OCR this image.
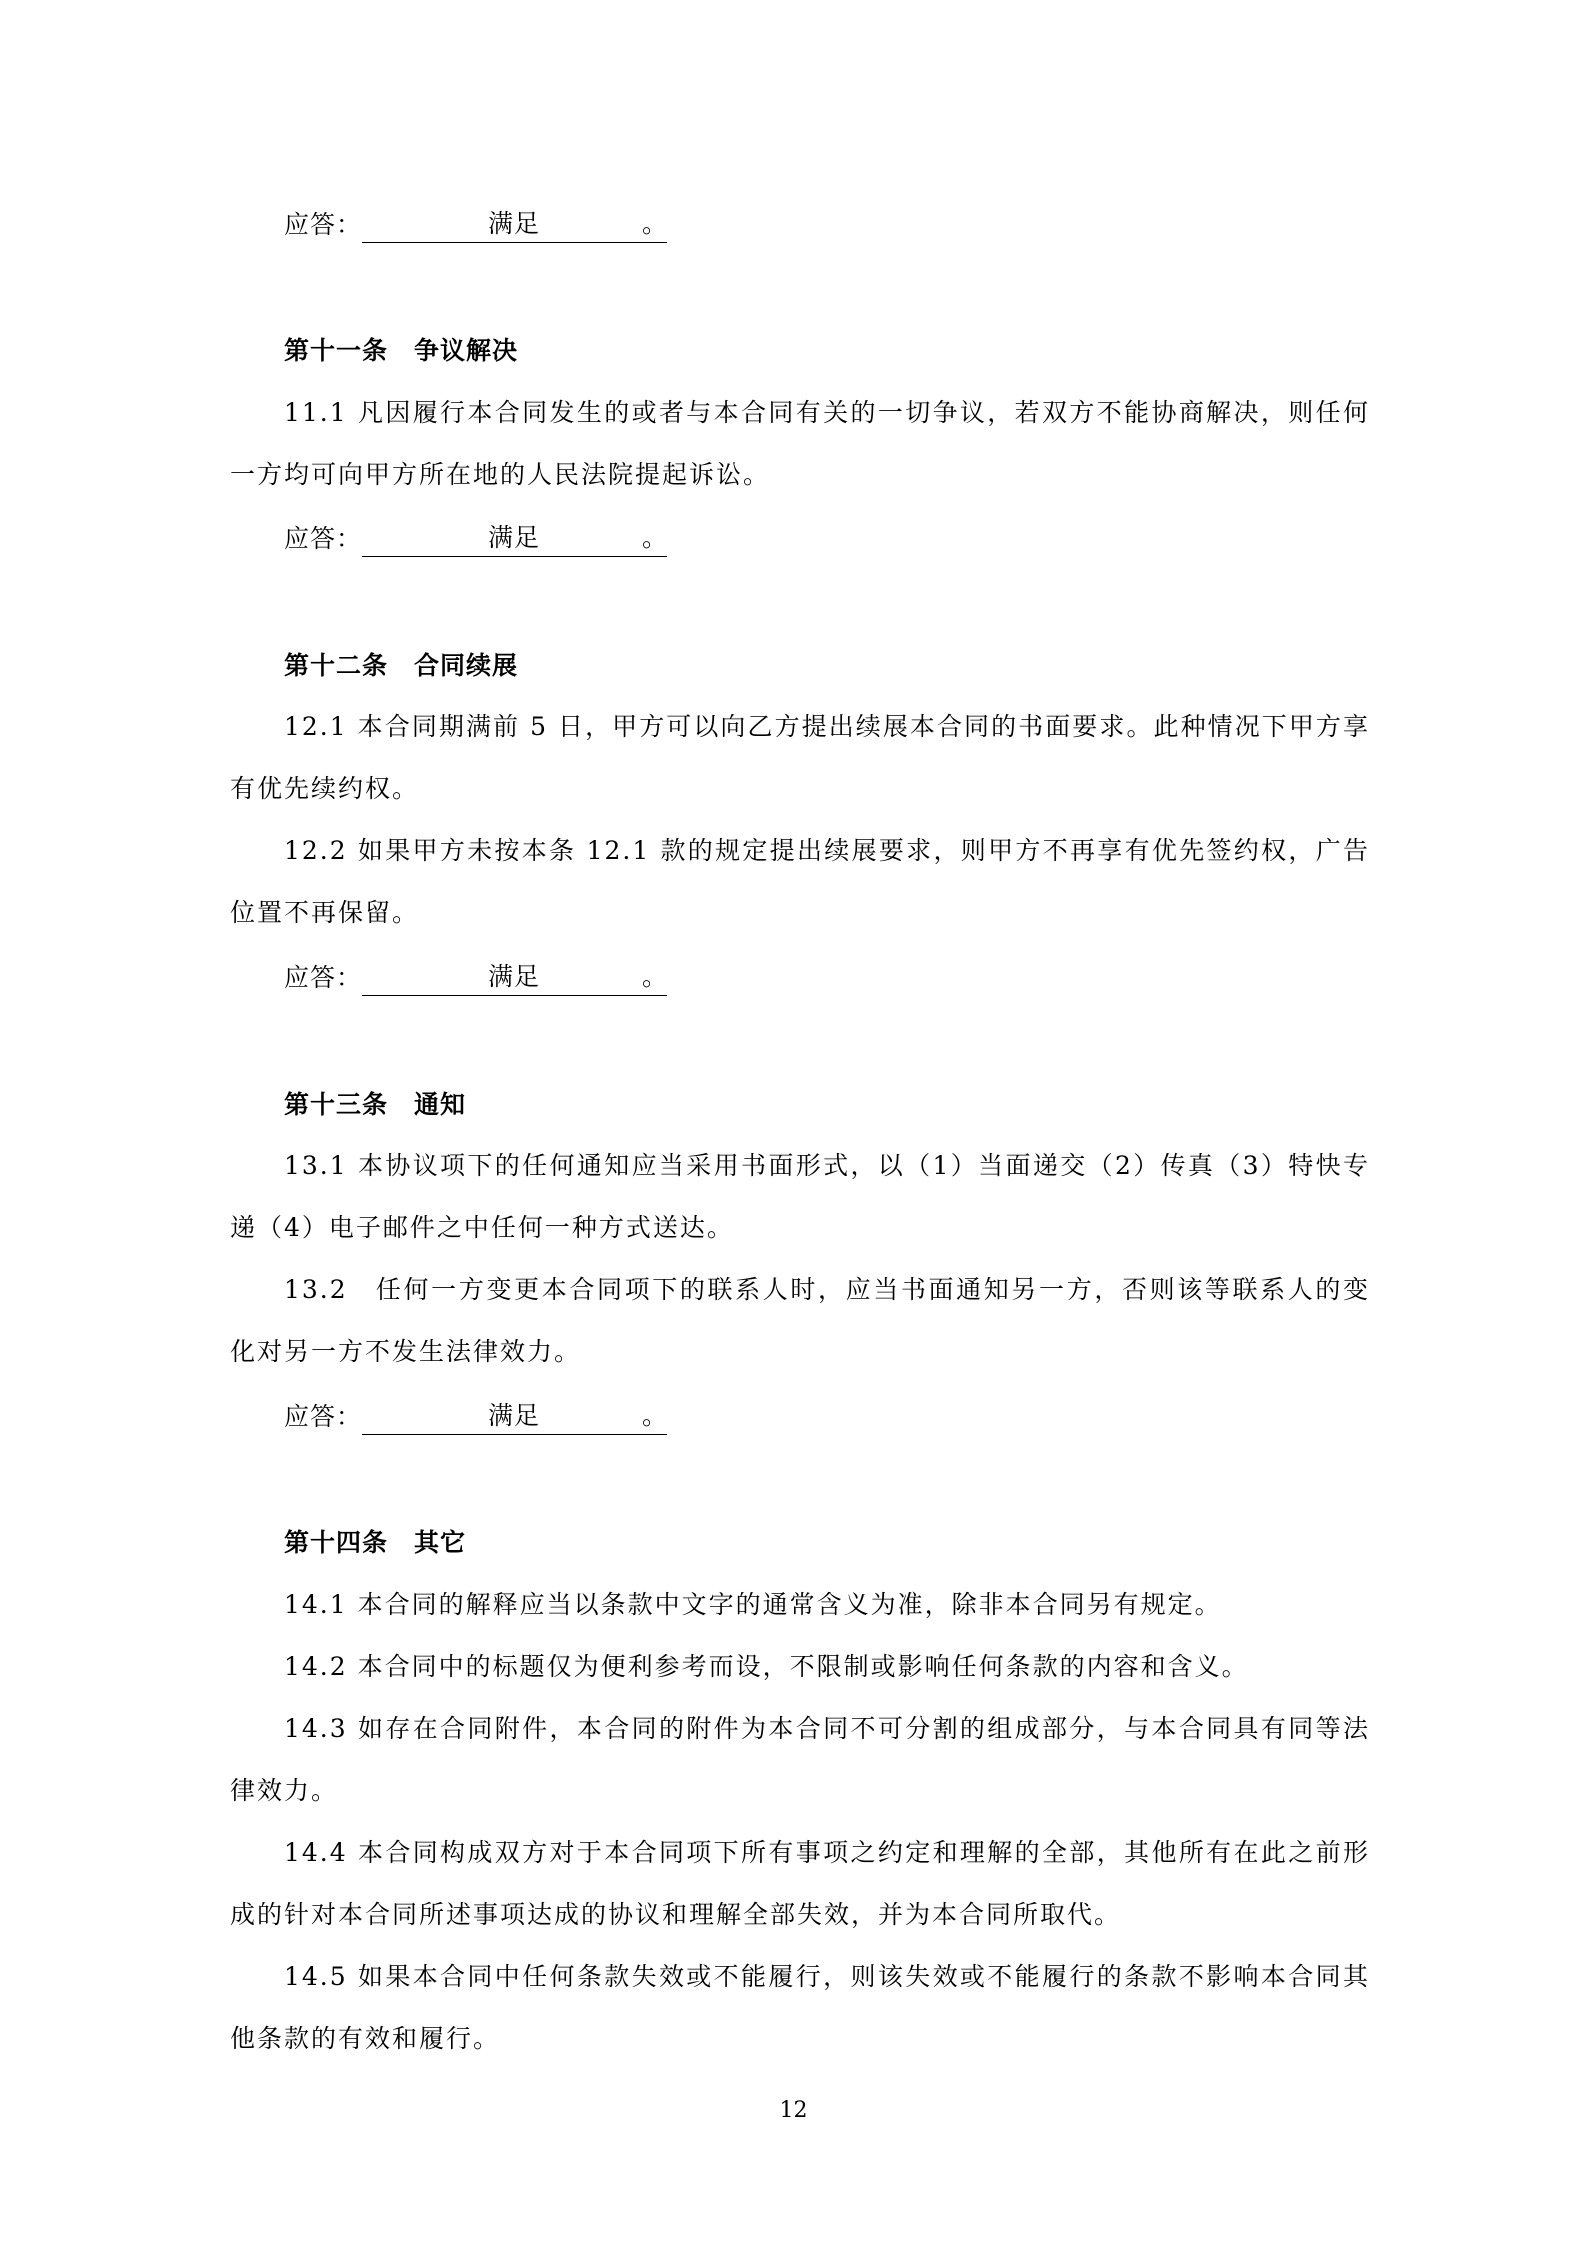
应答：	满足	。
第十一条　争议解决
11.1 凡因履行本合同发生的或者与本合同有关的一切争议，若双方不能协商解决，则任何一方均可向甲方所在地的人民法院提起诉讼。
应答：	满足	。
第十二条　合同续展
12.1 本合同期满前 5 日，甲方可以向乙方提出续展本合同的书面要求。此种情况下甲方享有优先续约权。
12.2 如果甲方未按本条 12.1 款的规定提出续展要求，则甲方不再享有优先签约权，广告位置不再保留。
应答：	满足	。
第十三条　通知
13.1 本协议项下的任何通知应当采用书面形式，以（1）当面递交（2）传真（3）特快专递（4）电子邮件之中任何一种方式送达。
13.2　任何一方变更本合同项下的联系人时，应当书面通知另一方，否则该等联系人的变化对另一方不发生法律效力。
应答：	满足	。
第十四条　其它
14.1 本合同的解释应当以条款中文字的通常含义为准，除非本合同另有规定。
14.2 本合同中的标题仅为便利参考而设，不限制或影响任何条款的内容和含义。
14.3 如存在合同附件，本合同的附件为本合同不可分割的组成部分，与本合同具有同等法律效力。
14.4 本合同构成双方对于本合同项下所有事项之约定和理解的全部，其他所有在此之前形成的针对本合同所述事项达成的协议和理解全部失效，并为本合同所取代。
14.5 如果本合同中任何条款失效或不能履行，则该失效或不能履行的条款不影响本合同其他条款的有效和履行。
12
